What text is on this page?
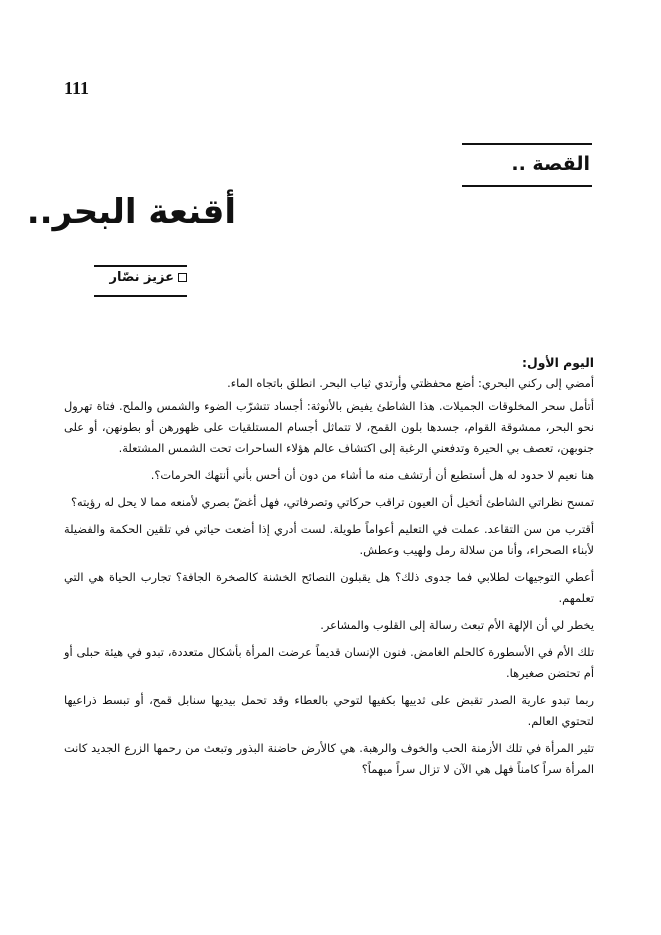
111
القصة ..
أقنعة البحر..
عزيز نصّار

اليوم الأول:

أمضي إلى ركني البحري: أضع محفظتي وأرتدي ثياب البحر. انطلق باتجاه الماء.

أتأمل سحر المخلوقات الجميلات. هذا الشاطئ يفيض بالأنوثة: أجساد تتشرّب الضوء والشمس والملح. فتاة تهرول نحو البحر، ممشوقة القوام، جسدها بلون القمح، لا تتماثل أجسام المستلقيات على ظهورهن أو بطونهن، أو على جنوبهن، تعصف بي الحيرة وتدفعني الرغبة إلى اكتشاف عالم هؤلاء الساحرات تحت الشمس المشتعلة.

هنا نعيم لا حدود له هل أستطيع أن أرتشف منه ما أشاء من دون أن أحس بأني أنتهك الحرمات؟.

تمسح نظراتي الشاطئ أتخيل أن العيون تراقب حركاتي وتصرفاتي، فهل أغضّ بصري لأمنعه مما لا يحل له رؤيته؟

أقترب من سن التقاعد. عملت في التعليم أعواماً طويلة. لست أدري إذا أضعت حياتي في تلقين الحكمة والفضيلة لأبناء الصحراء، وأنا من سلالة رمل ولهيب وعطش.

أعطي التوجيهات لطلابي فما جدوى ذلك؟ هل يقبلون النصائح الخشنة كالصخرة الجافة؟ تجارب الحياة هي التي تعلمهم.

يخطر لي أن الإلهة الأم تبعث رسالة إلى القلوب والمشاعر.

تلك الأم في الأسطورة كالحلم الغامض. فنون الإنسان قديماً عرضت المرأة بأشكال متعددة، تبدو في هيئة حبلى أو أم تحتضن صغيرها.

ربما تبدو عارية الصدر تقبض على ثدييها بكفيها لتوحي بالعطاء وقد تحمل بيديها سنابل قمح، أو تبسط ذراعيها لتحتوي العالم.

تثير المرأة في تلك الأزمنة الحب والخوف والرهبة. هي كالأرض حاضنة البذور وتبعث من رحمها الزرع الجديد كانت المرأة سراً كامناً فهل هي الآن لا تزال سراً مبهماً؟
